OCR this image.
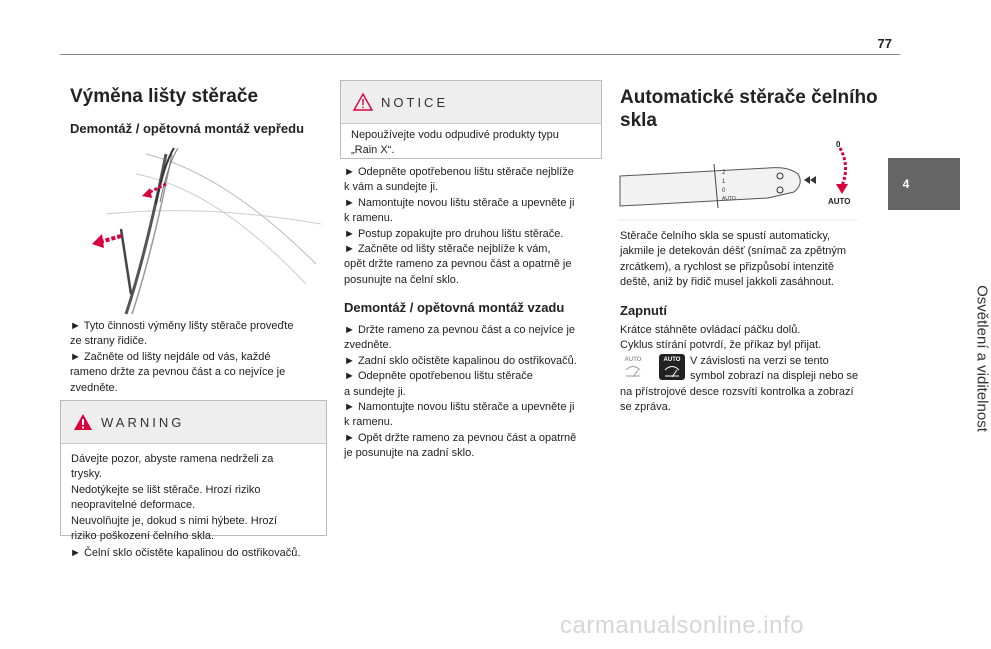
77
4
Osvětlení a viditelnost
Výměna lišty stěrače
Demontáž / opětovná montáž vepředu

► Tyto činnosti výměny lišty stěrače proveďte

ze strany řidiče.

► Začněte od lišty nejdále od vás, každé

rameno držte za pevnou část a co nejvíce je

zvedněte.

WARNING

Dávejte pozor, abyste ramena nedrželi za

trysky.

Nedotýkejte se lišt stěrače. Hrozí riziko

neopravitelné deformace.

Neuvolňujte je, dokud s nimi hýbete. Hrozí

riziko poškození čelního skla.

► Čelní sklo očistěte kapalinou do ostřikovačů.

NOTICE

Nepoužívejte vodu odpudivé produkty typu

„Rain X“.

► Odepněte opotřebenou lištu stěrače nejblíže

k vám a sundejte ji.

► Namontujte novou lištu stěrače a upevněte ji

k ramenu.

► Postup zopakujte pro druhou lištu stěrače.

► Začněte od lišty stěrače nejblíže k vám,

opět držte rameno za pevnou část a opatrně je

posunujte na čelní sklo.

Demontáž / opětovná montáž vzadu

► Držte rameno za pevnou část a co nejvíce je

zvedněte.

► Zadní sklo očistěte kapalinou do ostřikovačů.

► Odepněte opotřebenou lištu stěrače

a sundejte ji.

► Namontujte novou lištu stěrače a upevněte ji

k ramenu.

► Opět držte rameno za pevnou část a opatrně

je posunujte na zadní sklo.

Automatické stěrače čelního
skla
2
1
0
AUTO
0
AUTO

Stěrače čelního skla se spustí automaticky,

jakmile je detekován déšť (snímač za zpětným

zrcátkem), a rychlost se přizpůsobí intenzitě

deště, aniž by řidič musel jakkoli zasáhnout.

Zapnutí

Krátce stáhněte ovládací páčku dolů.

Cyklus stírání potvrdí, že příkaz byl přijat.

AUTO	AUTO V závislosti na verzi se tento

symbol zobrazí na displeji nebo se

na přístrojové desce rozsvítí kontrolka a zobrazí

se zpráva.

carmanualsonline.info
